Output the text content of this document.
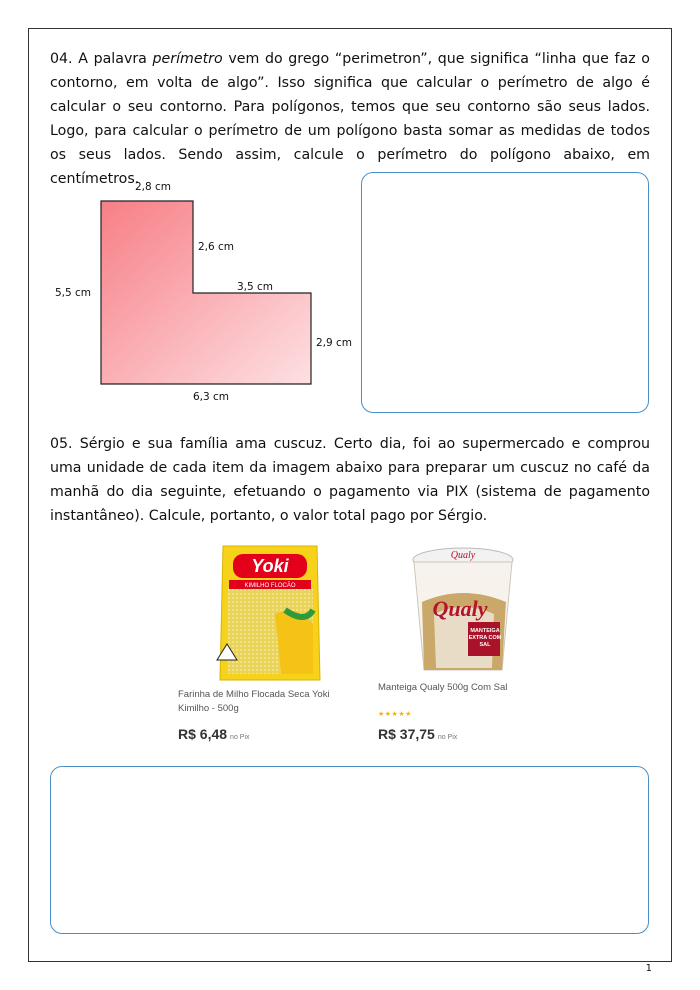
04. A palavra perímetro vem do grego “perimetron”, que significa “linha que faz o contorno, em volta de algo”. Isso significa que calcular o perímetro de algo é calcular o seu contorno. Para polígonos, temos que seu contorno são seus lados. Logo, para calcular o perímetro de um polígono basta somar as medidas de todos os seus lados. Sendo assim, calcule o perímetro do polígono abaixo, em centímetros.

2,8 cm
2,6 cm
5,5 cm	3,5 cm
2,9 cm
6,3 cm

05. Sérgio e sua família ama cuscuz. Certo dia, foi ao supermercado e comprou uma unidade de cada item da imagem abaixo para preparar um cuscuz no café da manhã do dia seguinte, efetuando o pagamento via PIX (sistema de pagamento instantâneo). Calcule, portanto, o valor total pago por Sérgio.

Yoki
KIMILHO FLOCÃO
Farinha de Milho Flocada Seca Yoki
Kimilho - 500g
R$ 6,48 no Pix
Qualy
Qualy
MANTEIGA EXTRA COM SAL
Manteiga Qualy 500g Com Sal
★★★★★
R$ 37,75 no Pix
1
